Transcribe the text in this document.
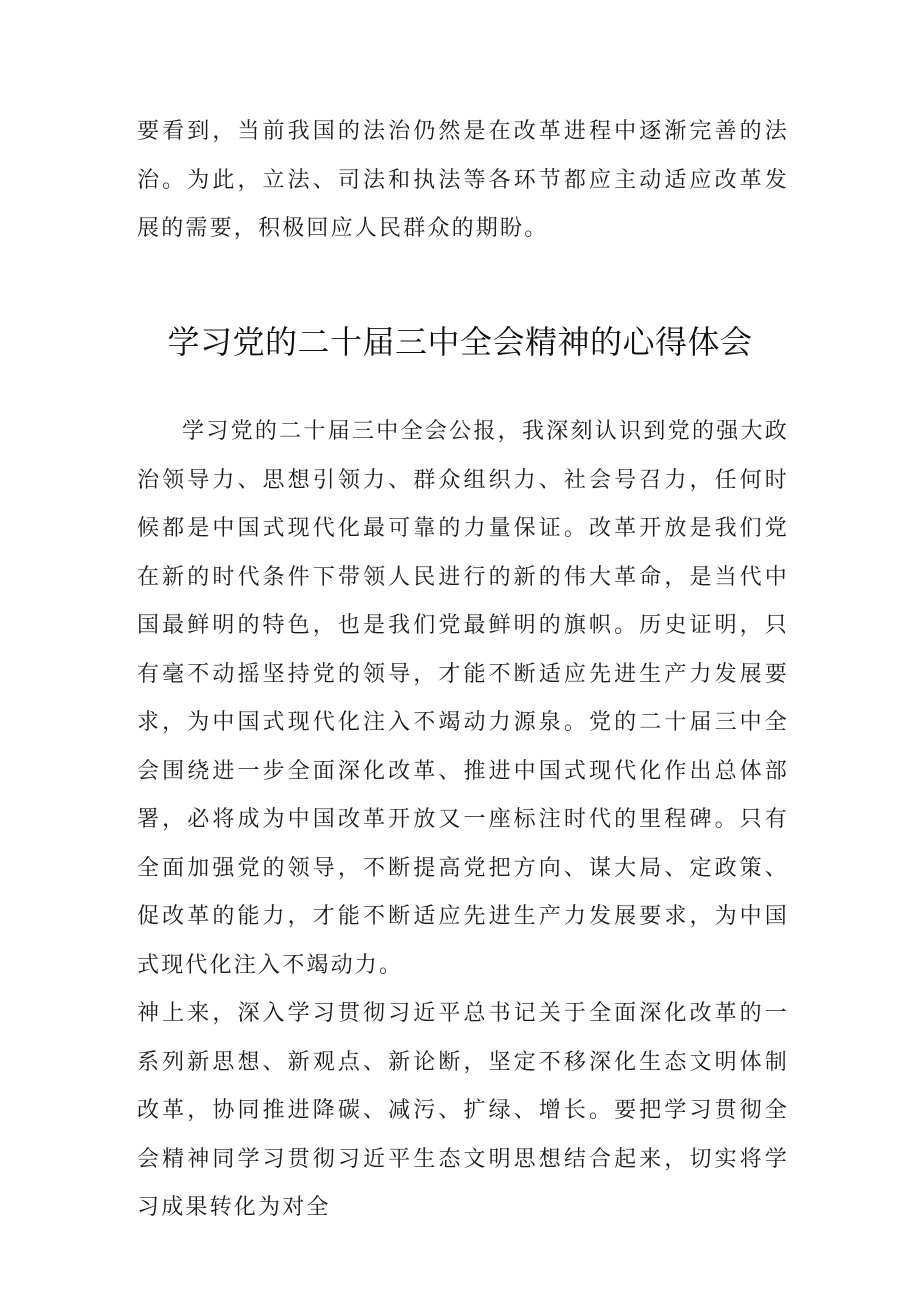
要看到，当前我国的法治仍然是在改革进程中逐渐完善的法治。为此，立法、司法和执法等各环节都应主动适应改革发展的需要，积极回应人民群众的期盼。

学习党的二十届三中全会精神的心得体会

学习党的二十届三中全会公报，我深刻认识到党的强大政治领导力、思想引领力、群众组织力、社会号召力，任何时候都是中国式现代化最可靠的力量保证。改革开放是我们党在新的时代条件下带领人民进行的新的伟大革命，是当代中国最鲜明的特色，也是我们党最鲜明的旗帜。历史证明，只有毫不动摇坚持党的领导，才能不断适应先进生产力发展要求，为中国式现代化注入不竭动力源泉。党的二十届三中全会围绕进一步全面深化改革、推进中国式现代化作出总体部署，必将成为中国改革开放又一座标注时代的里程碑。只有全面加强党的领导，不断提高党把方向、谋大局、定政策、促改革的能力，才能不断适应先进生产力发展要求，为中国式现代化注入不竭动力。

神上来，深入学习贯彻习近平总书记关于全面深化改革的一系列新思想、新观点、新论断，坚定不移深化生态文明体制改革，协同推进降碳、减污、扩绿、增长。要把学习贯彻全会精神同学习贯彻习近平生态文明思想结合起来，切实将学习成果转化为对全
